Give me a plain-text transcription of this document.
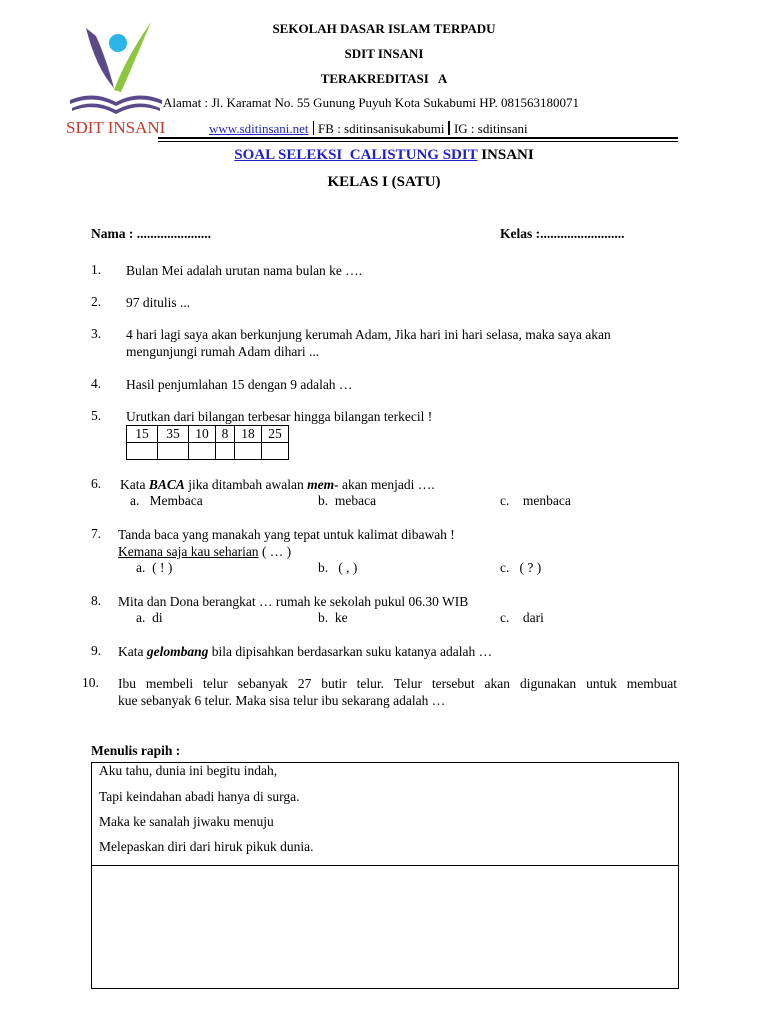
SDIT INSANI
SEKOLAH DASAR ISLAM TERPADU
SDIT INSANI
TERAKREDITASI   A
Alamat : Jl. Karamat No. 55 Gunung Puyuh Kota Sukabumi HP. 081563180071
www.sditinsani.net FB : sditinsanisukabumi IG : sditinsani
SOAL SELEKSI  CALISTUNG SDIT INSANI
KELAS I (SATU)
Nama : ......................	Kelas :.........................
1. Bulan Mei adalah urutan nama bulan ke ….
2. 97 ditulis ...
3. 4 hari lagi saya akan berkunjung kerumah Adam, Jika hari ini hari selasa, maka saya akan
mengunjungi rumah Adam dihari ...
4. Hasil penjumlahan 15 dengan 9 adalah …
5. Urutkan dari bilangan terbesar hingga bilangan terkecil !
15	35	10	8	18	25

6. Kata BACA jika ditambah awalan mem- akan menjadi ….
a.   Membaca	b.  mebaca	c.    menbaca
7. Tanda baca yang manakah yang tepat untuk kalimat dibawah !
Kemana saja kau seharian ( … )
a.  ( ! )	b.   ( , )	c.   ( ? )
8. Mita dan Dona berangkat … rumah ke sekolah pukul 06.30 WIB
a.  di	b.  ke	c.    dari
9. Kata gelombang bila dipisahkan berdasarkan suku katanya adalah …
10. Ibu membeli telur sebanyak 27 butir telur. Telur tersebut akan digunakan untuk membuat
kue sebanyak 6 telur. Maka sisa telur ibu sekarang adalah …
Menulis rapih :
Aku tahu, dunia ini begitu indah,
Tapi keindahan abadi hanya di surga.
Maka ke sanalah jiwaku menuju
Melepaskan diri dari hiruk pikuk dunia.
